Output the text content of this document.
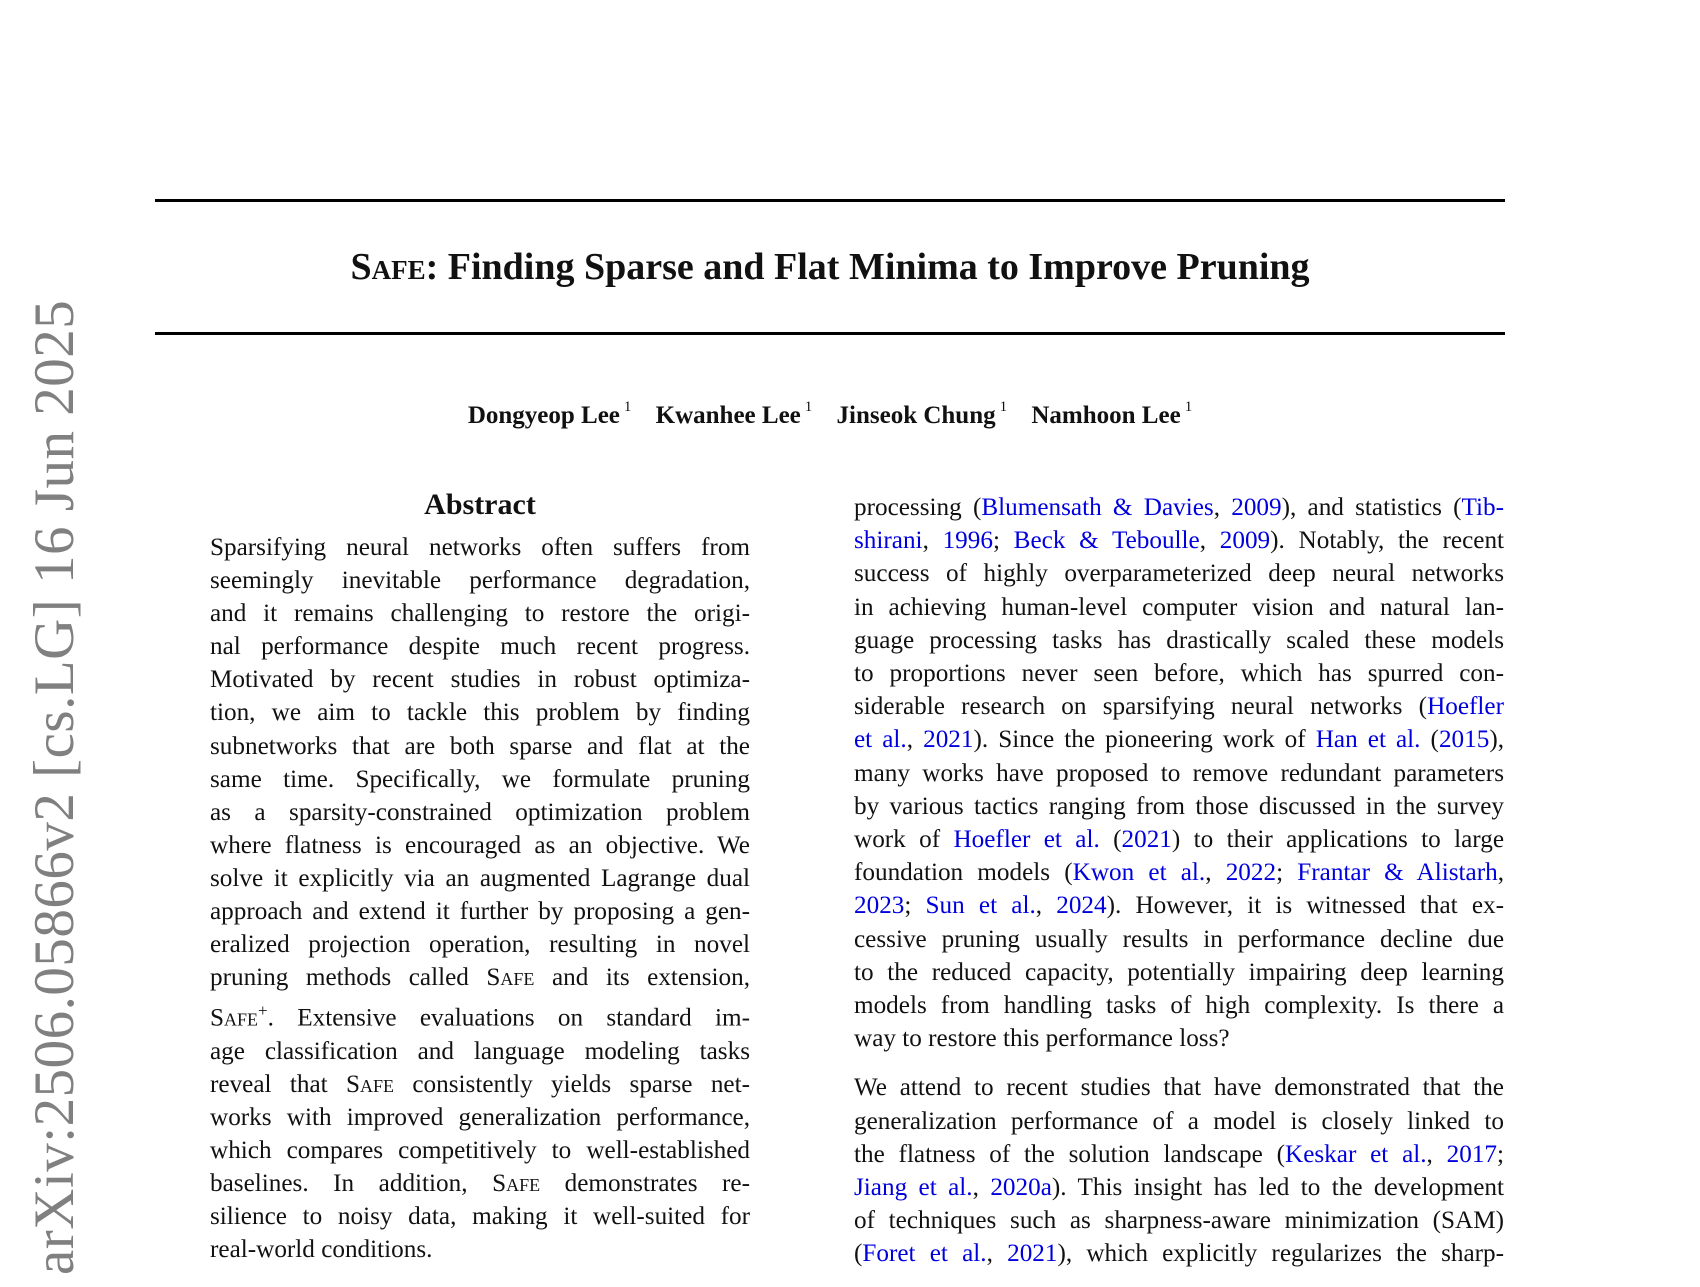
arXiv:2506.05866v2 [cs.LG] 16 Jun 2025
Safe: Finding Sparse and Flat Minima to Improve Pruning
Dongyeop Lee $^1$ Kwanhee Lee $^1$ Jinseok Chung $^1$ Namhoon Lee $^1$
Abstract
Sparsifying neural networks often suffers from
seemingly inevitable performance degradation,
and it remains challenging to restore the origi-
nal performance despite much recent progress.
Motivated by recent studies in robust optimiza-
tion, we aim to tackle this problem by finding
subnetworks that are both sparse and flat at the
same time. Specifically, we formulate pruning
as a sparsity-constrained optimization problem
where flatness is encouraged as an objective. We
solve it explicitly via an augmented Lagrange dual
approach and extend it further by proposing a gen-
eralized projection operation, resulting in novel
pruning methods called Safe and its extension,
Safe+. Extensive evaluations on standard im-
age classification and language modeling tasks
reveal that Safe consistently yields sparse net-
works with improved generalization performance,
which compares competitively to well-established
baselines. In addition, Safe demonstrates re-
silience to noisy data, making it well-suited for
real-world conditions.
processing (Blumensath & Davies, 2009), and statistics (Tib-
shirani, 1996; Beck & Teboulle, 2009). Notably, the recent
success of highly overparameterized deep neural networks
in achieving human-level computer vision and natural lan-
guage processing tasks has drastically scaled these models
to proportions never seen before, which has spurred con-
siderable research on sparsifying neural networks (Hoefler
et al., 2021). Since the pioneering work of Han et al. (2015),
many works have proposed to remove redundant parameters
by various tactics ranging from those discussed in the survey
work of Hoefler et al. (2021) to their applications to large
foundation models (Kwon et al., 2022; Frantar & Alistarh,
2023; Sun et al., 2024). However, it is witnessed that ex-
cessive pruning usually results in performance decline due
to the reduced capacity, potentially impairing deep learning
models from handling tasks of high complexity. Is there a
way to restore this performance loss?
We attend to recent studies that have demonstrated that the
generalization performance of a model is closely linked to
the flatness of the solution landscape (Keskar et al., 2017;
Jiang et al., 2020a). This insight has led to the development
of techniques such as sharpness-aware minimization (SAM)
(Foret et al., 2021), which explicitly regularizes the sharp-
